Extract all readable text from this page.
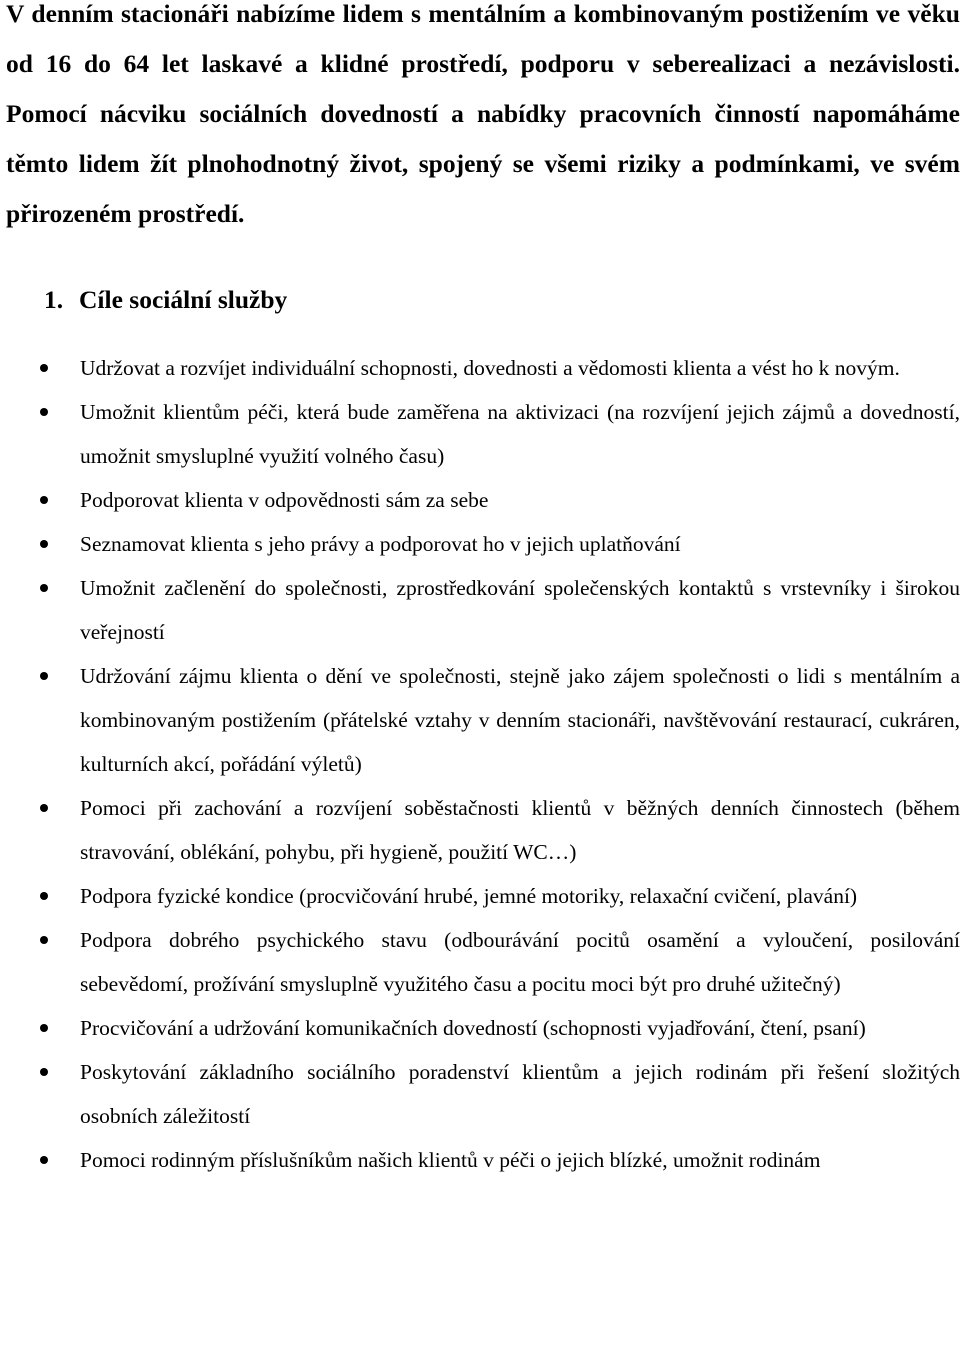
V denním stacionáři nabízíme lidem s mentálním a kombinovaným postižením ve věku od 16 do 64 let laskavé a klidné prostředí, podporu v seberealizaci a nezávislosti. Pomocí nácviku sociálních dovedností a nabídky pracovních činností napomáháme těmto lidem žít plnohodnotný život, spojený se všemi riziky a podmínkami, ve svém přirozeném prostředí.

1. Cíle sociální služby
Udržovat a rozvíjet individuální schopnosti, dovednosti a vědomosti klienta a vést ho k novým.
Umožnit klientům péči, která bude zaměřena na aktivizaci (na rozvíjení jejich zájmů a dovedností, umožnit smysluplné využití volného času)
Podporovat klienta v odpovědnosti sám za sebe
Seznamovat klienta s jeho právy a podporovat ho v jejich uplatňování
Umožnit začlenění do společnosti, zprostředkování společenských kontaktů s vrstevníky i širokou veřejností
Udržování zájmu klienta o dění ve společnosti, stejně jako zájem společnosti o lidi s mentálním a kombinovaným postižením (přátelské vztahy v denním stacionáři, navštěvování restaurací, cukráren, kulturních akcí, pořádání výletů)
Pomoci při zachování a rozvíjení soběstačnosti klientů v běžných denních činnostech (během stravování, oblékání, pohybu, při hygieně, použití WC…)
Podpora fyzické kondice (procvičování hrubé, jemné motoriky, relaxační cvičení, plavání)
Podpora dobrého psychického stavu (odbourávání pocitů osamění a vyloučení, posilování sebevědomí, prožívání smysluplně využitého času a pocitu moci být pro druhé užitečný)
Procvičování a udržování komunikačních dovedností (schopnosti vyjadřování, čtení, psaní)
Poskytování základního sociálního poradenství klientům a jejich rodinám při řešení složitých osobních záležitostí
Pomoci rodinným příslušníkům našich klientů v péči o jejich blízké, umožnit rodinám
